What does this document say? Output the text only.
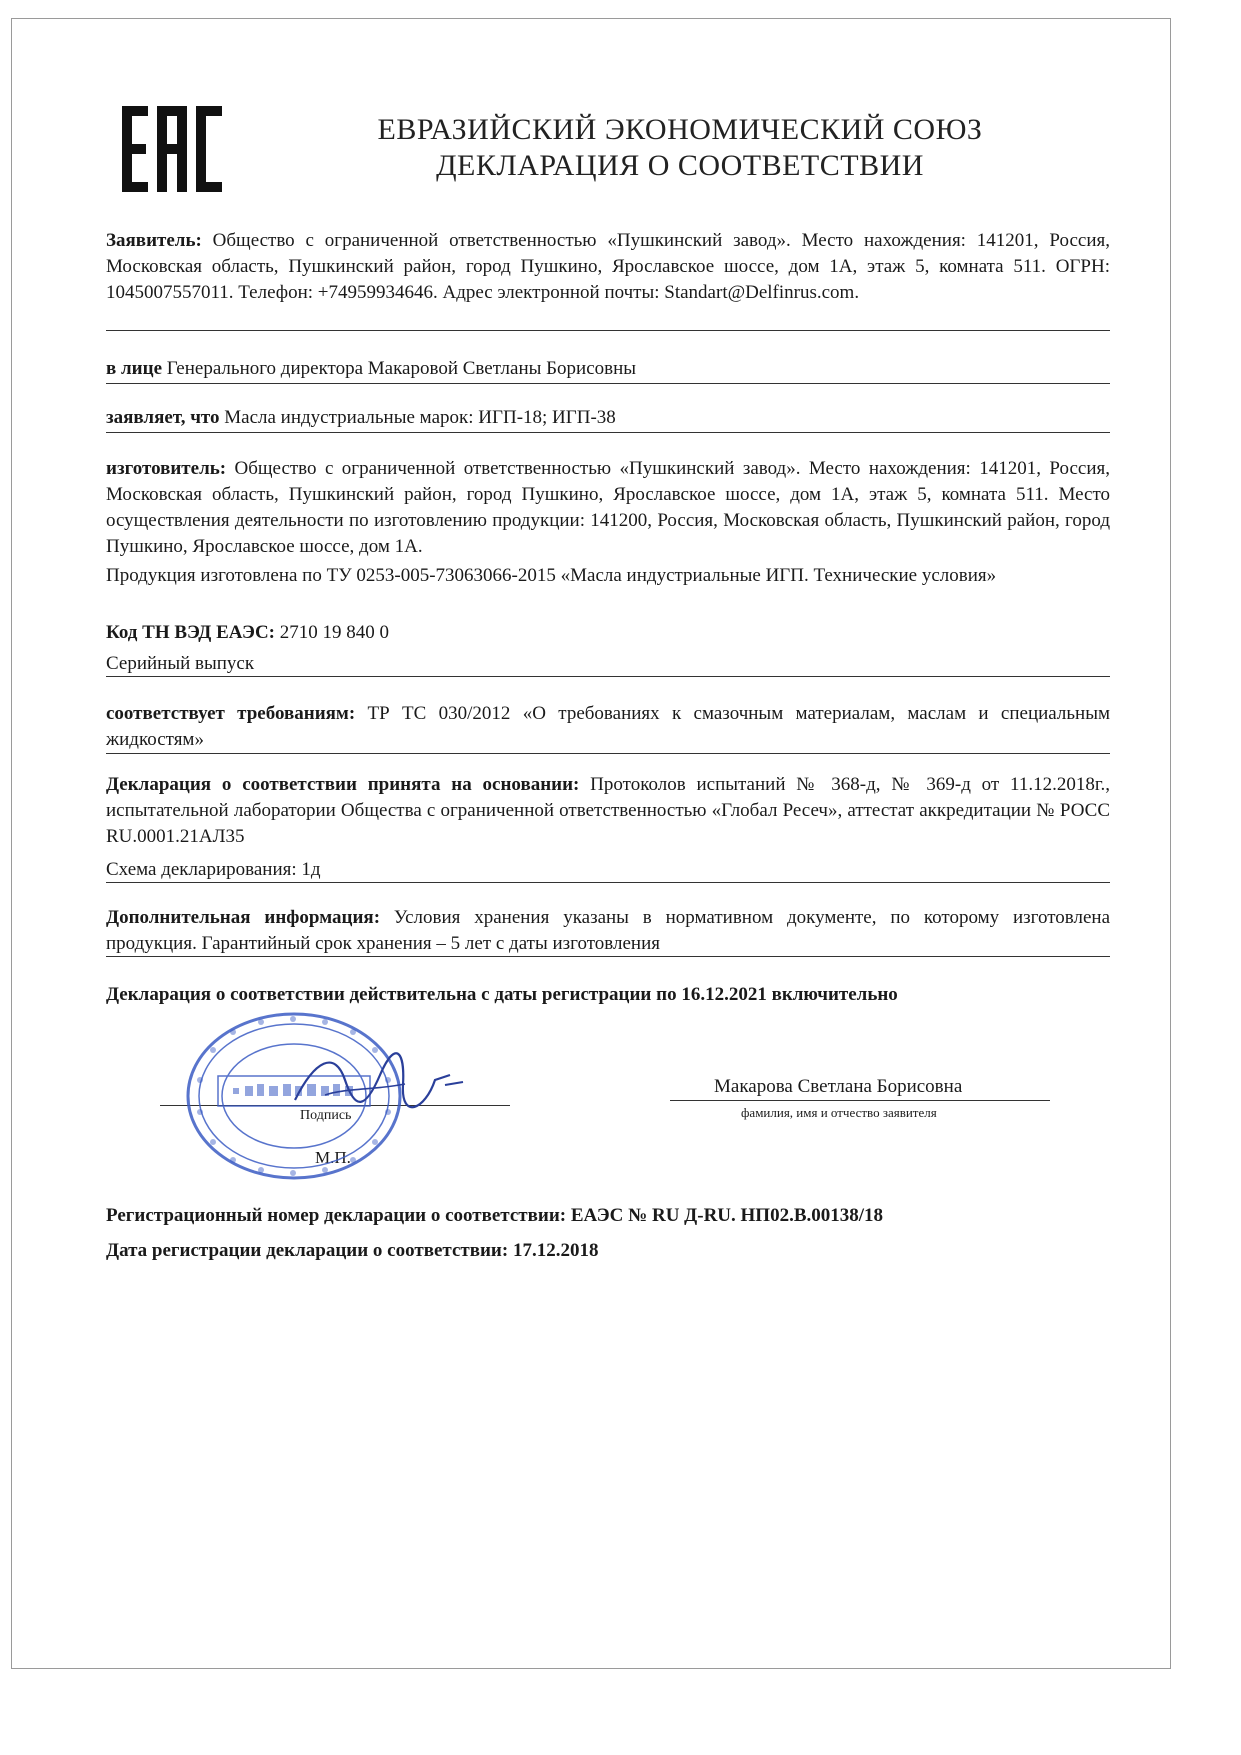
ЕВРАЗИЙСКИЙ ЭКОНОМИЧЕСКИЙ СОЮЗ
ДЕКЛАРАЦИЯ О СООТВЕТСТВИИ
Заявитель: Общество с ограниченной ответственностью «Пушкинский завод». Место нахождения: 141201, Россия, Московская область, Пушкинский район, город Пушкино, Ярославское шоссе, дом 1А, этаж 5, комната 511. ОГРН: 1045007557011. Телефон: +74959934646. Адрес электронной почты: Standart@Delfinrus.com.
в лице Генерального директора Макаровой Светланы Борисовны
заявляет, что Масла индустриальные марок: ИГП-18; ИГП-38
изготовитель: Общество с ограниченной ответственностью «Пушкинский завод». Место нахождения: 141201, Россия, Московская область, Пушкинский район, город Пушкино, Ярославское шоссе, дом 1А, этаж 5, комната 511. Место осуществления деятельности по изготовлению продукции: 141200, Россия, Московская область, Пушкинский район, город Пушкино, Ярославское шоссе, дом 1А.
Продукция изготовлена по ТУ 0253-005-73063066-2015 «Масла индустриальные ИГП. Технические условия»
Код ТН ВЭД ЕАЭС: 2710 19 840 0
Серийный выпуск
соответствует требованиям: ТР ТС 030/2012 «О требованиях к смазочным материалам, маслам и специальным жидкостям»
Декларация о соответствии принята на основании: Протоколов испытаний № 368-д, № 369-д от 11.12.2018г., испытательной лаборатории Общества с ограниченной ответственностью «Глобал Ресеч», аттестат аккредитации № РОСС RU.0001.21АЛ35
Схема декларирования: 1д
Дополнительная информация: Условия хранения указаны в нормативном документе, по которому изготовлена продукция. Гарантийный срок хранения – 5 лет с даты изготовления
Декларация о соответствии действительна с даты регистрации по 16.12.2021 включительно
Подпись
М.П.
Макарова Светлана Борисовна
фамилия, имя и отчество заявителя
Регистрационный номер декларации о соответствии: ЕАЭС № RU Д-RU. НП02.В.00138/18
Дата регистрации декларации о соответствии: 17.12.2018
